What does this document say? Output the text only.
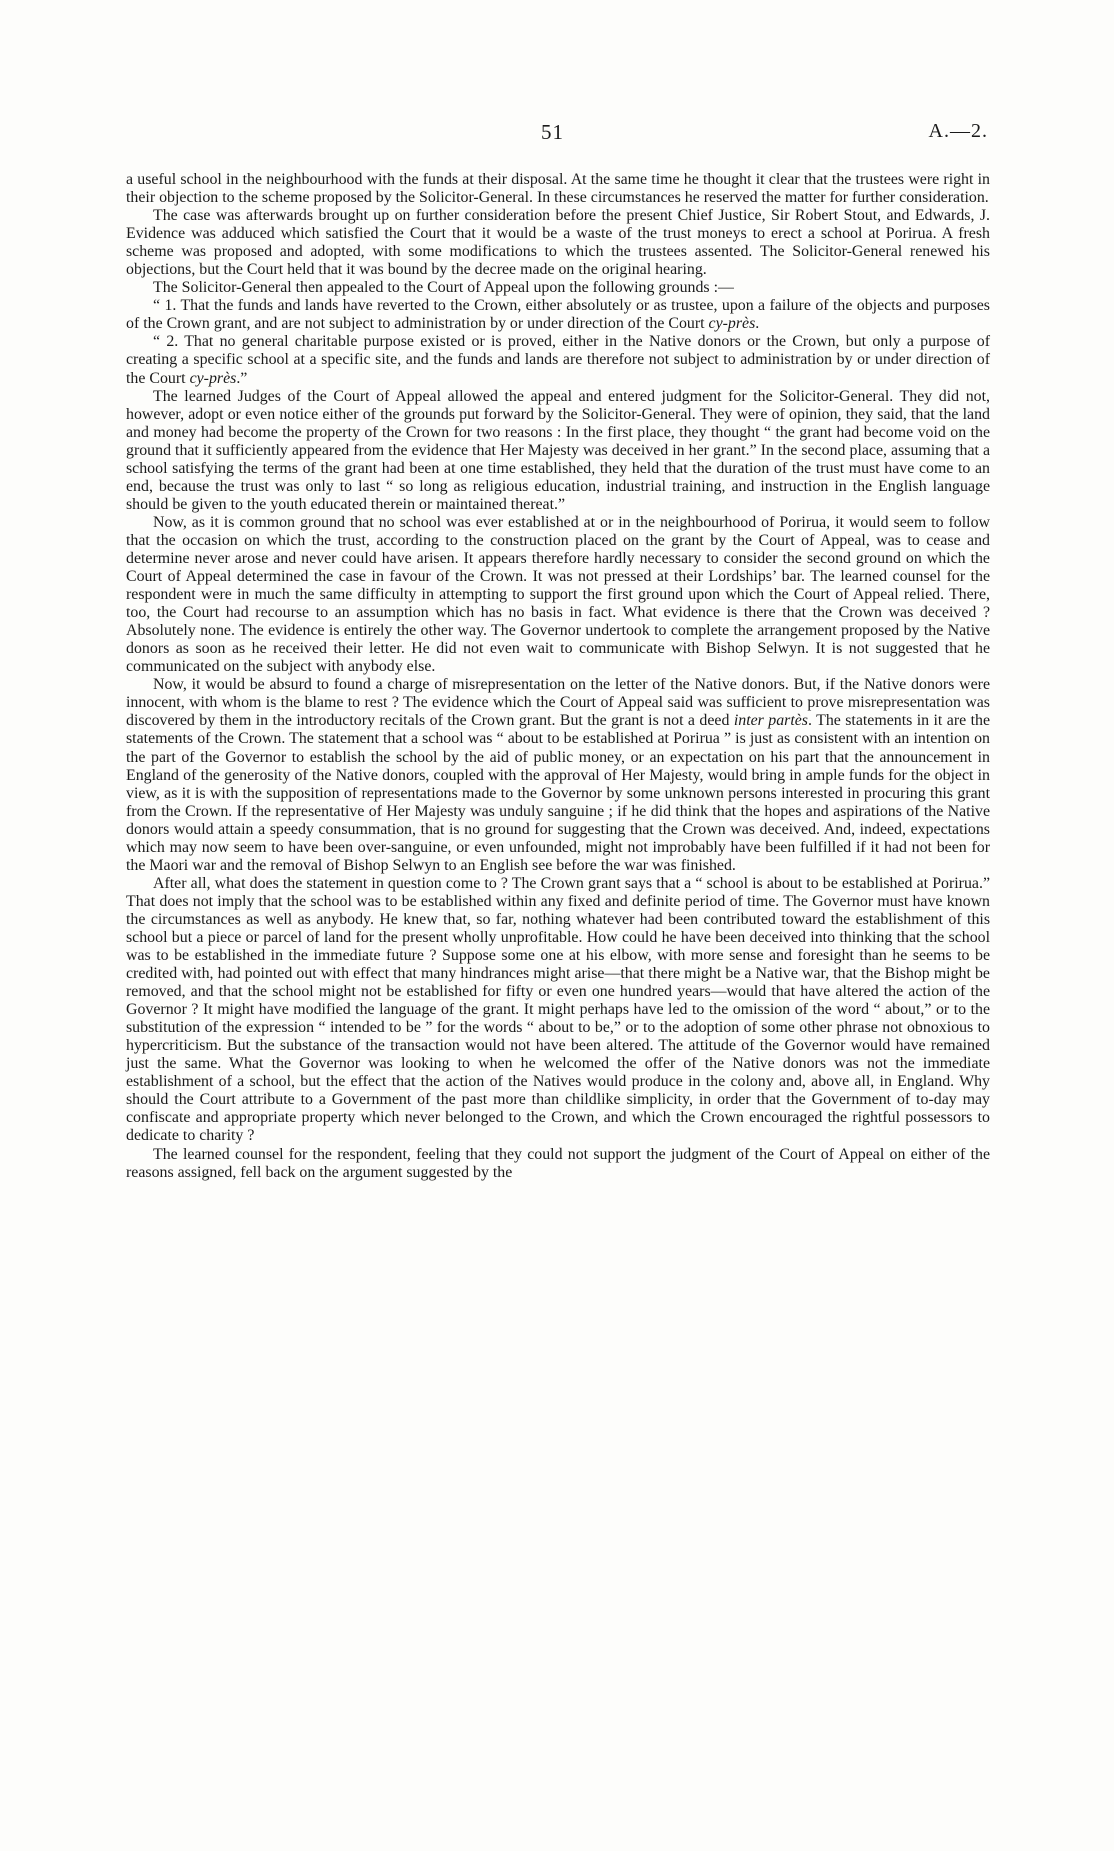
51	A.—2.

a useful school in the neighbourhood with the funds at their disposal. At the same time he thought it clear that the trustees were right in their objection to the scheme proposed by the Solicitor-General. In these circumstances he reserved the matter for further consideration.

The case was afterwards brought up on further consideration before the present Chief Justice, Sir Robert Stout, and Edwards, J. Evidence was adduced which satisfied the Court that it would be a waste of the trust moneys to erect a school at Porirua. A fresh scheme was proposed and adopted, with some modifications to which the trustees assented. The Solicitor-General renewed his objections, but the Court held that it was bound by the decree made on the original hearing.

The Solicitor-General then appealed to the Court of Appeal upon the following grounds :—

“ 1. That the funds and lands have reverted to the Crown, either absolutely or as trustee, upon a failure of the objects and purposes of the Crown grant, and are not subject to administration by or under direction of the Court cy-près.

“ 2. That no general charitable purpose existed or is proved, either in the Native donors or the Crown, but only a purpose of creating a specific school at a specific site, and the funds and lands are therefore not subject to administration by or under direction of the Court cy-près.”

The learned Judges of the Court of Appeal allowed the appeal and entered judgment for the Solicitor-General. They did not, however, adopt or even notice either of the grounds put forward by the Solicitor-General. They were of opinion, they said, that the land and money had become the property of the Crown for two reasons : In the first place, they thought “ the grant had become void on the ground that it sufficiently appeared from the evidence that Her Majesty was deceived in her grant.” In the second place, assuming that a school satisfying the terms of the grant had been at one time established, they held that the duration of the trust must have come to an end, because the trust was only to last “ so long as religious education, industrial training, and instruction in the English language should be given to the youth educated therein or maintained thereat.”

Now, as it is common ground that no school was ever established at or in the neighbourhood of Porirua, it would seem to follow that the occasion on which the trust, according to the construction placed on the grant by the Court of Appeal, was to cease and determine never arose and never could have arisen. It appears therefore hardly necessary to consider the second ground on which the Court of Appeal determined the case in favour of the Crown. It was not pressed at their Lordships’ bar. The learned counsel for the respondent were in much the same difficulty in attempting to support the first ground upon which the Court of Appeal relied. There, too, the Court had recourse to an assumption which has no basis in fact. What evidence is there that the Crown was deceived ? Absolutely none. The evidence is entirely the other way. The Governor undertook to complete the arrangement proposed by the Native donors as soon as he received their letter. He did not even wait to communicate with Bishop Selwyn. It is not suggested that he communicated on the subject with anybody else.

Now, it would be absurd to found a charge of misrepresentation on the letter of the Native donors. But, if the Native donors were innocent, with whom is the blame to rest ? The evidence which the Court of Appeal said was sufficient to prove misrepresentation was discovered by them in the introductory recitals of the Crown grant. But the grant is not a deed inter partès. The statements in it are the statements of the Crown. The statement that a school was “ about to be established at Porirua ” is just as consistent with an intention on the part of the Governor to establish the school by the aid of public money, or an expectation on his part that the announcement in England of the generosity of the Native donors, coupled with the approval of Her Majesty, would bring in ample funds for the object in view, as it is with the supposition of representations made to the Governor by some unknown persons interested in procuring this grant from the Crown. If the representative of Her Majesty was unduly sanguine ; if he did think that the hopes and aspirations of the Native donors would attain a speedy consummation, that is no ground for suggesting that the Crown was deceived. And, indeed, expectations which may now seem to have been over-sanguine, or even unfounded, might not improbably have been fulfilled if it had not been for the Maori war and the removal of Bishop Selwyn to an English see before the war was finished.

After all, what does the statement in question come to ? The Crown grant says that a “ school is about to be established at Porirua.” That does not imply that the school was to be established within any fixed and definite period of time. The Governor must have known the circumstances as well as anybody. He knew that, so far, nothing whatever had been contributed toward the establishment of this school but a piece or parcel of land for the present wholly unprofitable. How could he have been deceived into thinking that the school was to be established in the immediate future ? Suppose some one at his elbow, with more sense and foresight than he seems to be credited with, had pointed out with effect that many hindrances might arise—that there might be a Native war, that the Bishop might be removed, and that the school might not be established for fifty or even one hundred years—would that have altered the action of the Governor ? It might have modified the language of the grant. It might perhaps have led to the omission of the word “ about,” or to the substitution of the expression “ intended to be ” for the words “ about to be,” or to the adoption of some other phrase not obnoxious to hypercriticism. But the substance of the transaction would not have been altered. The attitude of the Governor would have remained just the same. What the Governor was looking to when he welcomed the offer of the Native donors was not the immediate establishment of a school, but the effect that the action of the Natives would produce in the colony and, above all, in England. Why should the Court attribute to a Government of the past more than childlike simplicity, in order that the Government of to-day may confiscate and appropriate property which never belonged to the Crown, and which the Crown encouraged the rightful possessors to dedicate to charity ?

The learned counsel for the respondent, feeling that they could not support the judgment of the Court of Appeal on either of the reasons assigned, fell back on the argument suggested by the
